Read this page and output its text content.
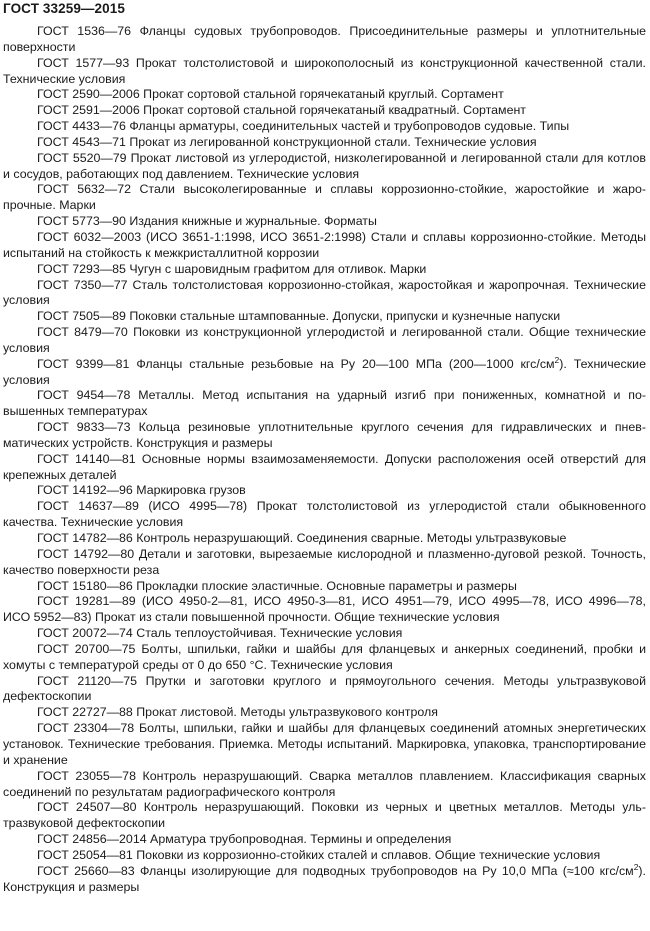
ГОСТ 33259—2015

ГОСТ 1536—76 Фланцы судовых трубопроводов. Присоединительные размеры и уплотнительные поверхности

ГОСТ 1577—93 Прокат толстолистовой и широкополосный из конструкционной качественной стали. Технические условия

ГОСТ 2590—2006 Прокат сортовой стальной горячекатаный круглый. Сортамент

ГОСТ 2591—2006 Прокат сортовой стальной горячекатаный квадратный. Сортамент

ГОСТ 4433—76 Фланцы арматуры, соединительных частей и трубопроводов судовые. Типы

ГОСТ 4543—71 Прокат из легированной конструкционной стали. Технические условия

ГОСТ 5520—79 Прокат листовой из углеродистой, низколегированной и легированной стали для котлов и сосудов, работающих под давлением. Технические условия

ГОСТ 5632—72 Стали высоколегированные и сплавы коррозионно-стойкие, жаростойкие и жаропрочные. Марки

ГОСТ 5773—90 Издания книжные и журнальные. Форматы

ГОСТ 6032—2003 (ИСО 3651-1:1998, ИСО 3651-2:1998) Стали и сплавы коррозионно-стойкие. Методы испытаний на стойкость к межкристаллитной коррозии

ГОСТ 7293—85 Чугун с шаровидным графитом для отливок. Марки

ГОСТ 7350—77 Сталь толстолистовая коррозионно-стойкая, жаростойкая и жаропрочная. Технические условия

ГОСТ 7505—89 Поковки стальные штампованные. Допуски, припуски и кузнечные напуски

ГОСТ 8479—70 Поковки из конструкционной углеродистой и легированной стали. Общие технические условия

ГОСТ 9399—81 Фланцы стальные резьбовые на Ру 20—100 МПа (200—1000 кгс/$см^2$). Технические условия

ГОСТ 9454—78 Металлы. Метод испытания на ударный изгиб при пониженных, комнатной и повышенных температурах

ГОСТ 9833—73 Кольца резиновые уплотнительные круглого сечения для гидравлических и пневматических устройств. Конструкция и размеры

ГОСТ 14140—81 Основные нормы взаимозаменяемости. Допуски расположения осей отверстий для крепежных деталей

ГОСТ 14192—96 Маркировка грузов

ГОСТ 14637—89 (ИСО 4995—78) Прокат толстолистовой из углеродистой стали обыкновенного качества. Технические условия

ГОСТ 14782—86 Контроль неразрушающий. Соединения сварные. Методы ультразвуковые

ГОСТ 14792—80 Детали и заготовки, вырезаемые кислородной и плазменно-дуговой резкой. Точность, качество поверхности реза

ГОСТ 15180—86 Прокладки плоские эластичные. Основные параметры и размеры

ГОСТ 19281—89 (ИСО 4950-2—81, ИСО 4950-3—81, ИСО 4951—79, ИСО 4995—78, ИСО 4996—78, ИСО 5952—83) Прокат из стали повышенной прочности. Общие технические условия

ГОСТ 20072—74 Сталь теплоустойчивая. Технические условия

ГОСТ 20700—75 Болты, шпильки, гайки и шайбы для фланцевых и анкерных соединений, пробки и хомуты с температурой среды от 0 до 650 °С. Технические условия

ГОСТ 21120—75 Прутки и заготовки круглого и прямоугольного сечения. Методы ультразвуковой дефектоскопии

ГОСТ 22727—88 Прокат листовой. Методы ультразвукового контроля

ГОСТ 23304—78 Болты, шпильки, гайки и шайбы для фланцевых соединений атомных энергетических установок. Технические требования. Приемка. Методы испытаний. Маркировка, упаковка, транспортирование и хранение

ГОСТ 23055—78 Контроль неразрушающий. Сварка металлов плавлением. Классификация сварных соединений по результатам радиографического контроля

ГОСТ 24507—80 Контроль неразрушающий. Поковки из черных и цветных металлов. Методы ультразвуковой дефектоскопии

ГОСТ 24856—2014 Арматура трубопроводная. Термины и определения

ГОСТ 25054—81 Поковки из коррозионно-стойких сталей и сплавов. Общие технические условия

ГОСТ 25660—83 Фланцы изолирующие для подводных трубопроводов на Ру 10,0 МПа (≈100 кгс/$см^2$). Конструкция и размеры
